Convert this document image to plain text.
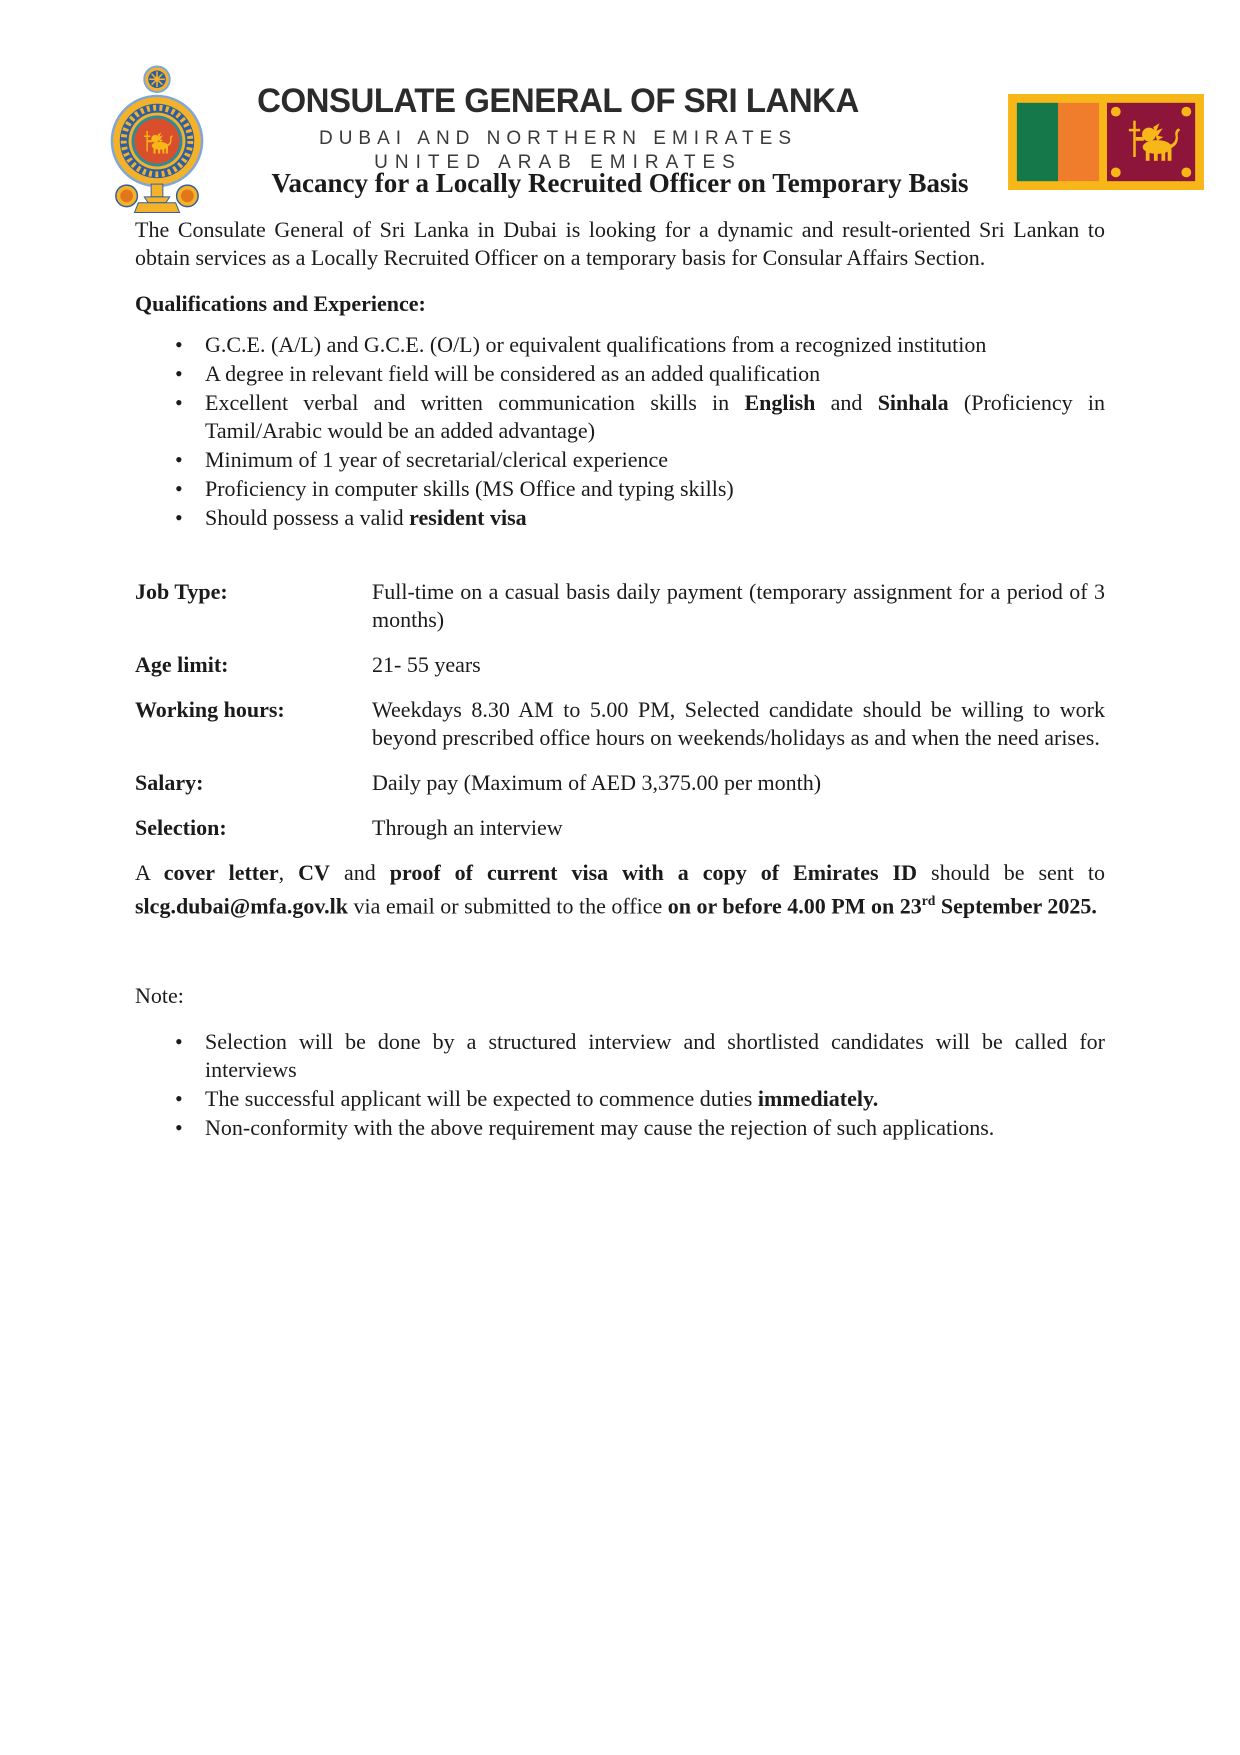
CONSULATE GENERAL OF SRI LANKA
DUBAI AND NORTHERN EMIRATES
UNITED ARAB EMIRATES
Vacancy for a Locally Recruited Officer on Temporary Basis

The Consulate General of Sri Lanka in Dubai is looking for a dynamic and result-oriented Sri Lankan to obtain services as a Locally Recruited Officer on a temporary basis for Consular Affairs Section.

Qualifications and Experience:
• G.C.E. (A/L) and G.C.E. (O/L) or equivalent qualifications from a recognized institution
• A degree in relevant field will be considered as an added qualification
• Excellent verbal and written communication skills in English and Sinhala (Proficiency in Tamil/Arabic would be an added advantage)
• Minimum of 1 year of secretarial/clerical experience
• Proficiency in computer skills (MS Office and typing skills)
• Should possess a valid resident visa
Job Type:	Full-time on a casual basis daily payment (temporary assignment for a period of 3 months)
Age limit:	21- 55 years
Working hours:	Weekdays 8.30 AM to 5.00 PM, Selected candidate should be willing to work beyond prescribed office hours on weekends/holidays as and when the need arises.
Salary:	Daily pay (Maximum of AED 3,375.00 per month)
Selection:	Through an interview

A cover letter, CV and proof of current visa with a copy of Emirates ID should be sent to slcg.dubai@mfa.gov.lk via email or submitted to the office on or before 4.00 PM on 23rd September 2025.

Note:
• Selection will be done by a structured interview and shortlisted candidates will be called for interviews
• The successful applicant will be expected to commence duties immediately.
• Non-conformity with the above requirement may cause the rejection of such applications.
